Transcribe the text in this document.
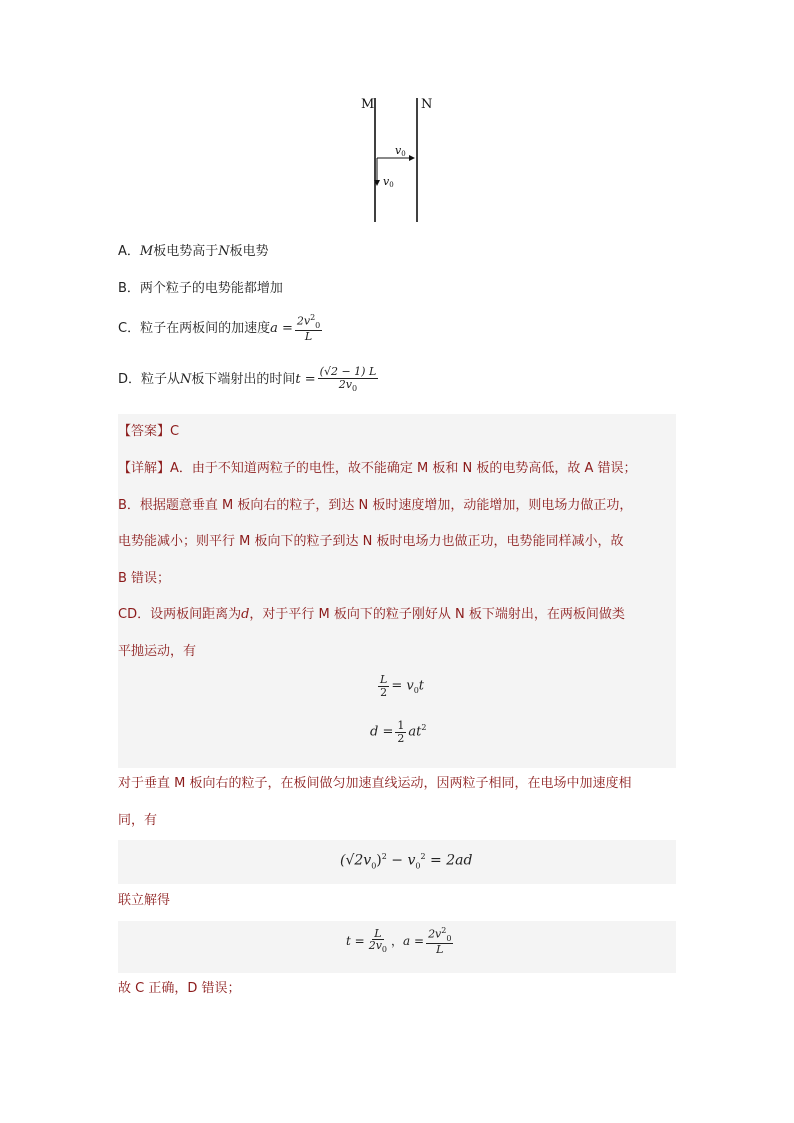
M	N
v0
v0
A．M板电势高于N板电势
B．两个粒子的电势能都增加
C．粒子在两板间的加速度$a = \frac{2v^2_0}{L}$
D．粒子从N板下端射出的时间$t = \frac{(√2 - 1) L}{2v_0}$
【答案】C
【详解】A．由于不知道两粒子的电性，故不能确定 M 板和 N 板的电势高低，故 A 错误；
B．根据题意垂直 M 板向右的粒子，到达 N 板时速度增加，动能增加，则电场力做正功，
电势能减小；则平行 M 板向下的粒子到达 N 板时电场力也做正功，电势能同样减小，故
B 错误；
CD．设两板间距离为d，对于平行 M 板向下的粒子刚好从 N 板下端射出，在两板间做类
平抛运动，有
$\frac{L}{2} = v_0t$
$d = \frac{1}{2} at^2$
对于垂直 M 板向右的粒子，在板间做匀加速直线运动，因两粒子相同，在电场中加速度相
同，有
$(√2v_0)^2 - v_0^2 = 2ad$
联立解得
$t = \frac{L}{2v_0}$ ，$a = \frac{2v^2_0}{L}$
故 C 正确，D 错误；
